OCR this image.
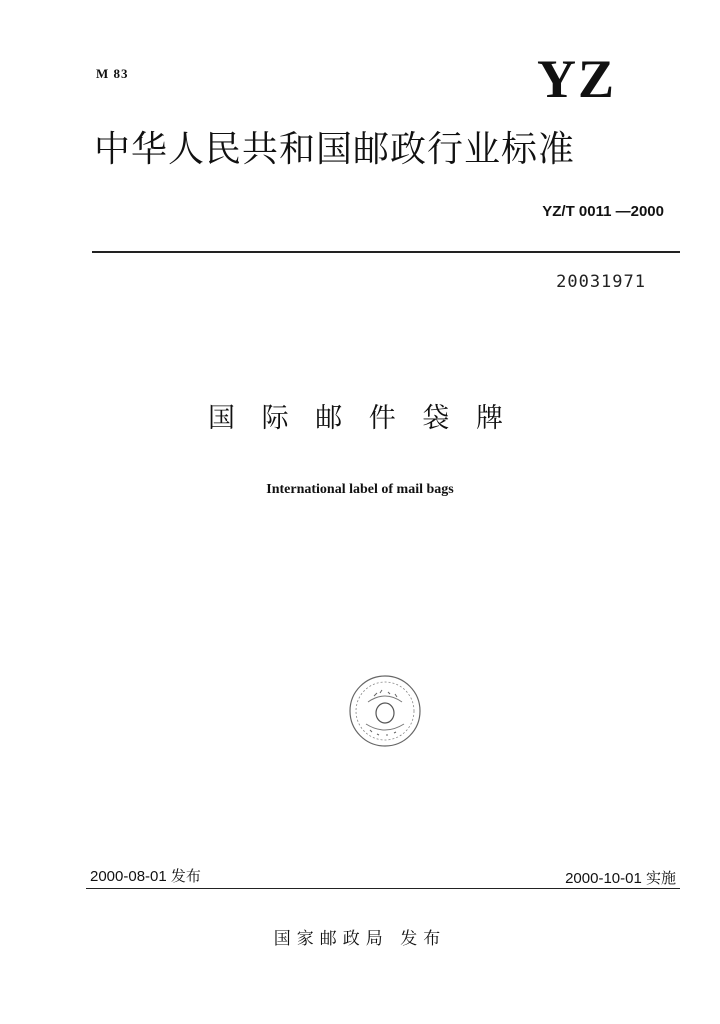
M 83	YZ
中华人民共和国邮政行业标准
YZ/T 0011 —2000
20031971
国 际 邮 件 袋 牌
International label of mail bags
2000-08-01 发布	2000-10-01 实施
国家邮政局 发布
